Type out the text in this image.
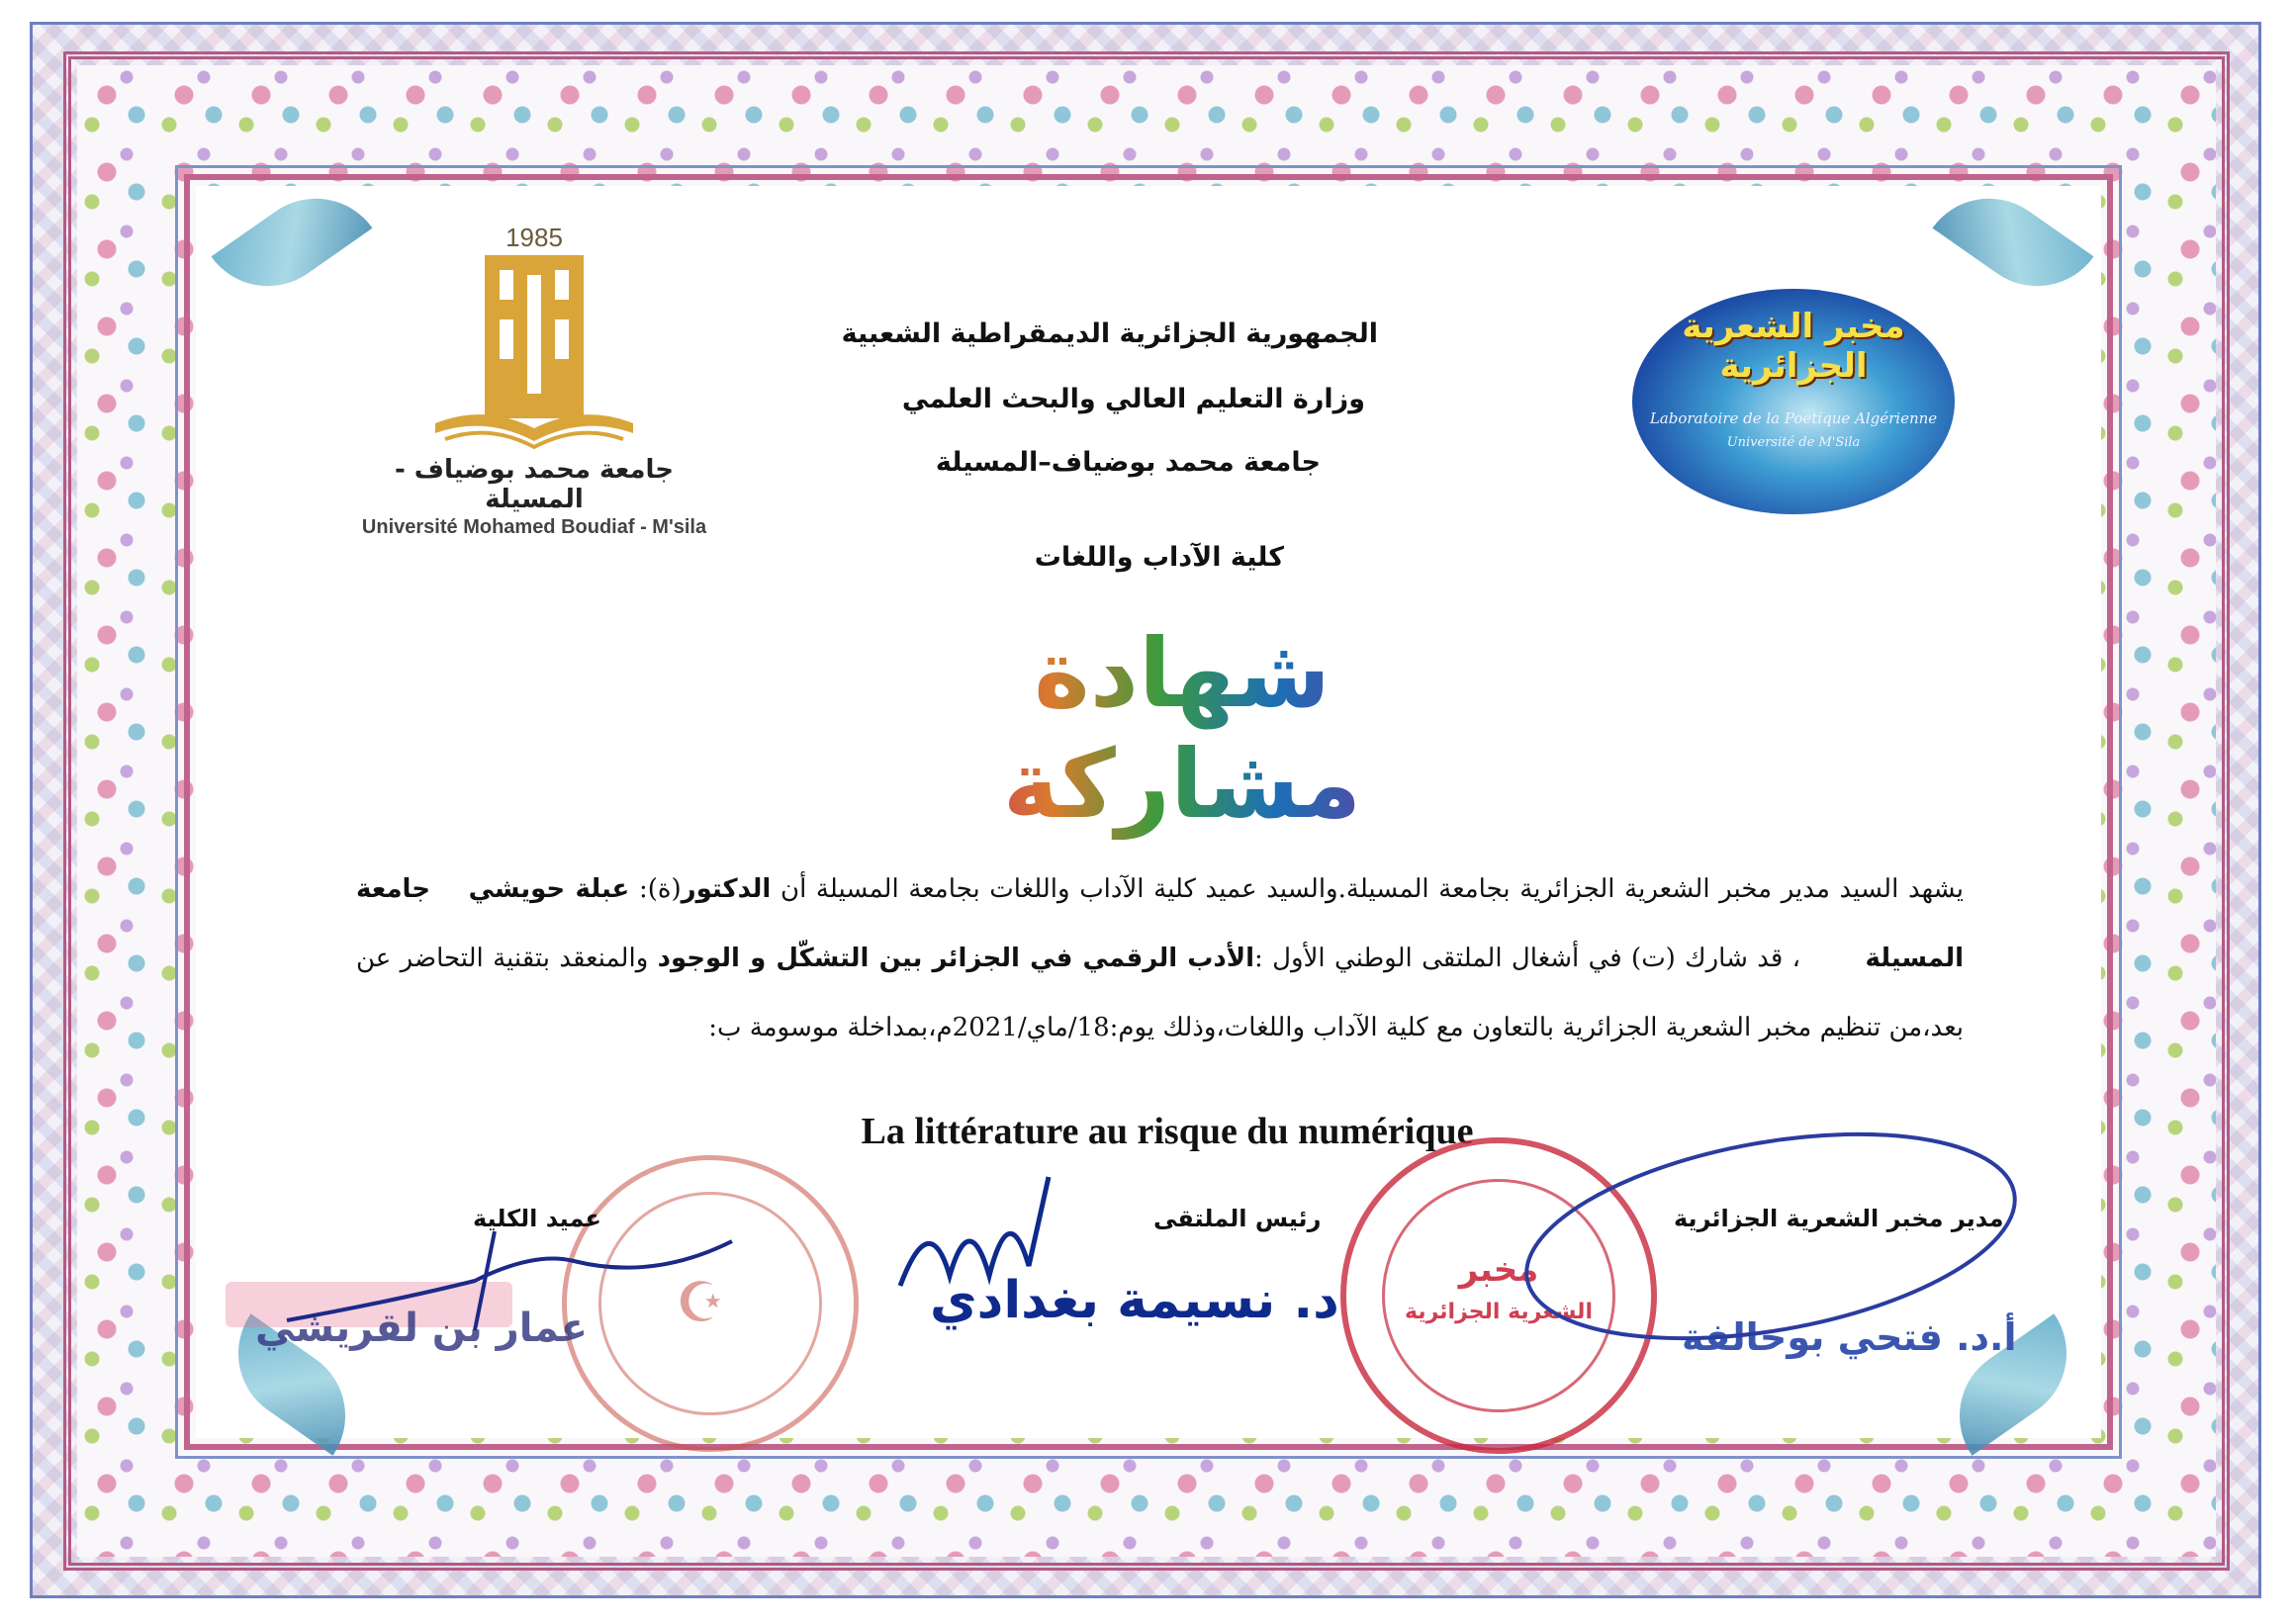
1985
جامعة محمد بوضياف - المسيلة
Université Mohamed Boudiaf - M'sila
مخبر الشعرية الجزائرية
Laboratoire de la Poetique Algérienne
Université de M'Sila
الجمهورية الجزائرية الديمقراطية الشعبية
وزارة التعليم العالي والبحث العلمي
جامعة محمد بوضياف–المسيلة
كلية الآداب واللغات
شهادة مشاركة
يشهد السيد مدير مخبر الشعرية الجزائرية بجامعة المسيلة.والسيد عميد كلية الآداب واللغات بجامعة المسيلة أن الدكتور(ة): عبلة حويشي    جامعة المسيلة       ، قد شارك (ت) في أشغال الملتقى الوطني الأول :الأدب الرقمي في الجزائر بين التشكّل و الوجود والمنعقد بتقنية التحاضر عن بعد،من تنظيم مخبر الشعرية الجزائرية بالتعاون مع كلية الآداب واللغات،وذلك يوم:18/ماي/2021م،بمداخلة موسومة ب:
La littérature au risque du numérique
☪
مخبر
الشعرية الجزائرية
عميد الكلية	رئيس الملتقى	مدير مخبر الشعرية الجزائرية
عمار بن لقريشي	د. نسيمة بغدادي
أ.د. فتحي بوخالفة
